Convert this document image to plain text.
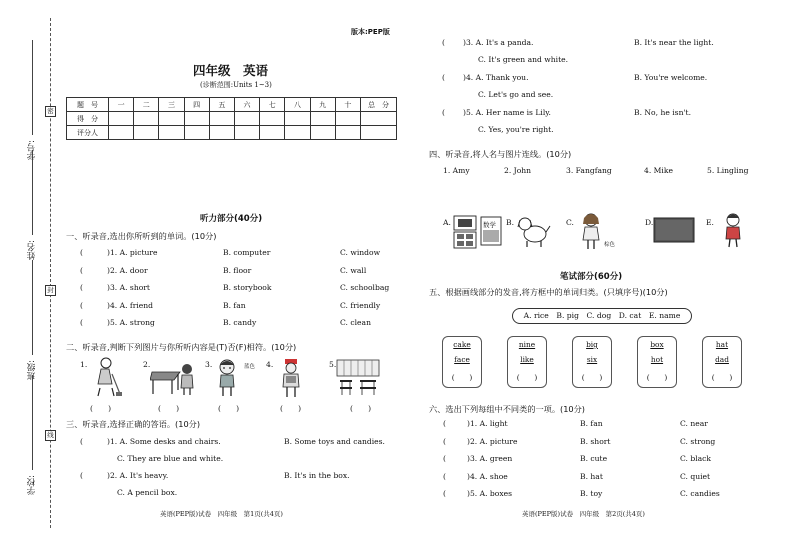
学号:
姓名:
班级:
学校:
密
封
线
版本:PEP版
四年级　英语
(诊断范围:Units 1~3)
题　号	一	二	三	四	五	六	七	八	九	十	总　分
得　分											
评分人											
听力部分(40分)
一、听录音,选出你所听到的单词。(10分)
(	)1. A. picture	B. computer	C. window
(	)2. A. door	B. floor	C. wall
(	)3. A. short	B. storybook	C. schoolbag
(	)4. A. friend	B. fan	C. friendly
(	)5. A. strong	B. candy	C. clean
二、听录音,判断下列图片与你所听内容是(T)否(F)相符。(10分)
1.	2.	3.	4.	5.
蓝色
(　　)	(　　)	(　　)	(　　)	(　　)
三、听录音,选择正确的答语。(10分)
(	)1. A. Some desks and chairs.	B. Some toys and candies.
C. They are blue and white.
(	)2. A. It's heavy.	B. It's in the box.
C. A pencil box.
( )3. A. It's a panda.	B. It's near the light.
C. It's green and white.
( )4. A. Thank you.	B. You're welcome.
C. Let's go and see.
( )5. A. Her name is Lily.	B. No, he isn't.
C. Yes, you're right.
四、听录音,将人名与图片连线。(10分)
1. Amy	2. John	3. Fangfang	4. Mike	5. Lingling
A.	B.	C.	D.	E.
数学
棕色
笔试部分(60分)
五、根据画线部分的发音,将方框中的单词归类。(只填序号)(10分)
A. rice　B. pig　C. dog　D. cat　E. name
cake
face
(　　)
nine
like
(　　)
big
six
(　　)
box
hot
(　　)
hat
dad
(　　)
六、选出下列每组中不同类的一项。(10分)
(	)1. A. light	B. fan	C. near
(	)2. A. picture	B. short	C. strong
(	)3. A. green	B. cute	C. black
(	)4. A. shoe	B. hat	C. quiet
(	)5. A. boxes	B. toy	C. candies
英语(PEP版)试卷　四年级　第1页(共4页)	英语(PEP版)试卷　四年级　第2页(共4页)
